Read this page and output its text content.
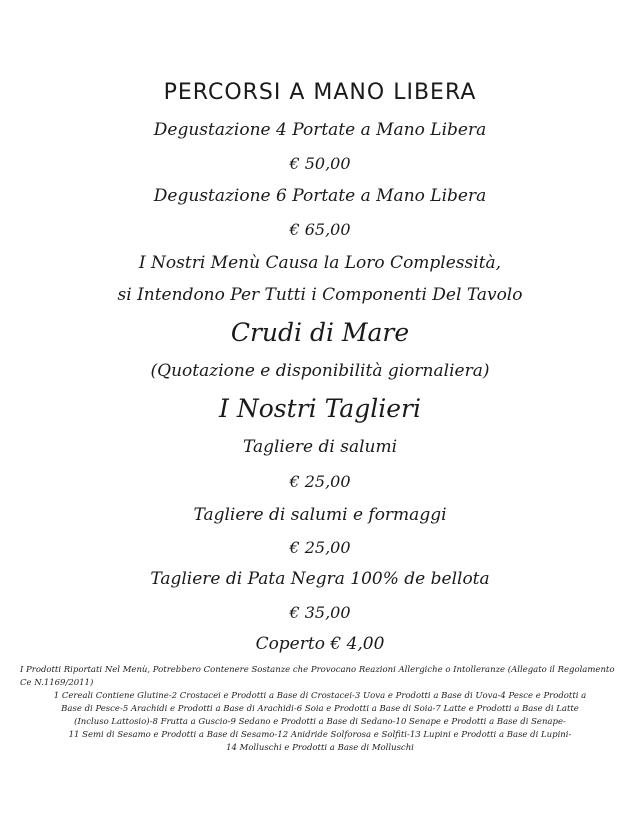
PERCORSI A MANO LIBERA
Degustazione 4 Portate a Mano Libera
€ 50,00
Degustazione 6 Portate a Mano Libera
€ 65,00
I Nostri Menù Causa la Loro Complessità,
si Intendono Per Tutti i Componenti Del Tavolo
Crudi di Mare
(Quotazione e disponibilità giornaliera)
I Nostri Taglieri
Tagliere di salumi
€ 25,00
Tagliere di salumi e formaggi
€ 25,00
Tagliere di Pata Negra 100% de bellota
€ 35,00
Coperto € 4,00

I Prodotti Riportati Nel Menù, Potrebbero Contenere Sostanze che Provocano Reazioni Allergiche o Intolleranze (Allegato il Regolamento Ce N.1169/2011)

1 Cereali Contiene Glutine-2 Crostacei e Prodotti a Base di Crostacei-3 Uova e Prodotti a Base di Uova-4 Pesce e Prodotti a

Base di Pesce-5 Arachidi e Prodotti a Base di Arachidi-6 Soia e Prodotti a Base di Soia-7 Latte e Prodotti a Base di Latte

(Incluso Lattosio)-8 Frutta a Guscio-9 Sedano e Prodotti a Base di Sedano-10 Senape e Prodotti a Base di Senape-

11 Semi di Sesamo e Prodotti a Base di Sesamo-12 Anidride Solforosa e Solfiti-13 Lupini e Prodotti a Base di Lupini-

14 Molluschi e Prodotti a Base di Molluschi
